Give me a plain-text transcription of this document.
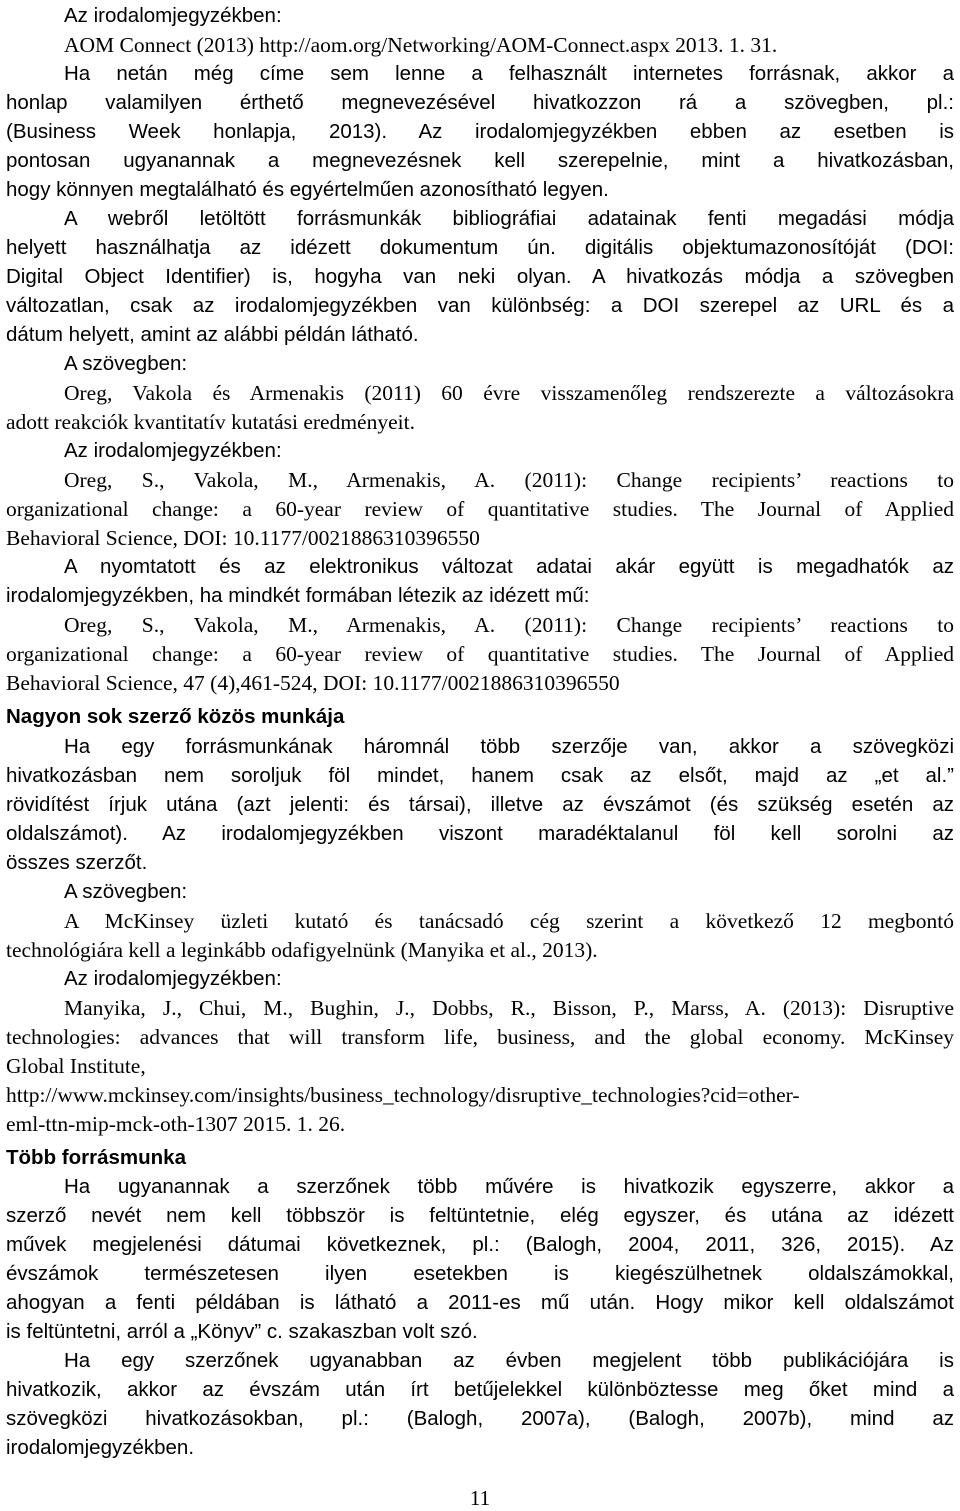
Az irodalomjegyzékben:
AOM Connect (2013) http://aom.org/Networking/AOM-Connect.aspx 2013. 1. 31.
Ha netán még címe sem lenne a felhasznált internetes forrásnak, akkor a
honlap valamilyen érthető megnevezésével hivatkozzon rá a szövegben, pl.:
(Business Week honlapja, 2013). Az irodalomjegyzékben ebben az esetben is
pontosan ugyanannak a megnevezésnek kell szerepelnie, mint a hivatkozásban,
hogy könnyen megtalálható és egyértelműen azonosítható legyen.
A webről letöltött forrásmunkák bibliográfiai adatainak fenti megadási módja
helyett használhatja az idézett dokumentum ún. digitális objektumazonosítóját (DOI:
Digital Object Identifier) is, hogyha van neki olyan. A hivatkozás módja a szövegben
változatlan, csak az irodalomjegyzékben van különbség: a DOI szerepel az URL és a
dátum helyett, amint az alábbi példán látható.
A szövegben:
Oreg, Vakola és Armenakis (2011) 60 évre visszamenőleg rendszerezte a változásokra
adott reakciók kvantitatív kutatási eredményeit.
Az irodalomjegyzékben:
Oreg, S., Vakola, M., Armenakis, A. (2011): Change recipients’ reactions to
organizational change: a 60-year review of quantitative studies. The Journal of Applied
Behavioral Science, DOI: 10.1177/0021886310396550
A nyomtatott és az elektronikus változat adatai akár együtt is megadhatók az
irodalomjegyzékben, ha mindkét formában létezik az idézett mű:
Oreg, S., Vakola, M., Armenakis, A. (2011): Change recipients’ reactions to
organizational change: a 60-year review of quantitative studies. The Journal of Applied
Behavioral Science, 47 (4),461-524, DOI: 10.1177/0021886310396550
Nagyon sok szerző közös munkája
Ha egy forrásmunkának háromnál több szerzője van, akkor a szövegközi
hivatkozásban nem soroljuk föl mindet, hanem csak az elsőt, majd az „et al.”
rövidítést írjuk utána (azt jelenti: és társai), illetve az évszámot (és szükség esetén az
oldalszámot). Az irodalomjegyzékben viszont maradéktalanul föl kell sorolni az
összes szerzőt.
A szövegben:
A McKinsey üzleti kutató és tanácsadó cég szerint a következő 12 megbontó
technológiára kell a leginkább odafigyelnünk (Manyika et al., 2013).
Az irodalomjegyzékben:
Manyika, J., Chui, M., Bughin, J., Dobbs, R., Bisson, P., Marss, A. (2013): Disruptive
technologies: advances that will transform life, business, and the global economy. McKinsey
Global Institute,
http://www.mckinsey.com/insights/business_technology/disruptive_technologies?cid=other-
eml-ttn-mip-mck-oth-1307 2015. 1. 26.
Több forrásmunka
Ha ugyanannak a szerzőnek több művére is hivatkozik egyszerre, akkor a
szerző nevét nem kell többször is feltüntetnie, elég egyszer, és utána az idézett
művek megjelenési dátumai következnek, pl.: (Balogh, 2004, 2011, 326, 2015). Az
évszámok természetesen ilyen esetekben is kiegészülhetnek oldalszámokkal,
ahogyan a fenti példában is látható a 2011-es mű után. Hogy mikor kell oldalszámot
is feltüntetni, arról a „Könyv” c. szakaszban volt szó.
Ha egy szerzőnek ugyanabban az évben megjelent több publikációjára is
hivatkozik, akkor az évszám után írt betűjelekkel különböztesse meg őket mind a
szövegközi hivatkozásokban, pl.: (Balogh, 2007a), (Balogh, 2007b), mind az
irodalomjegyzékben.
11
